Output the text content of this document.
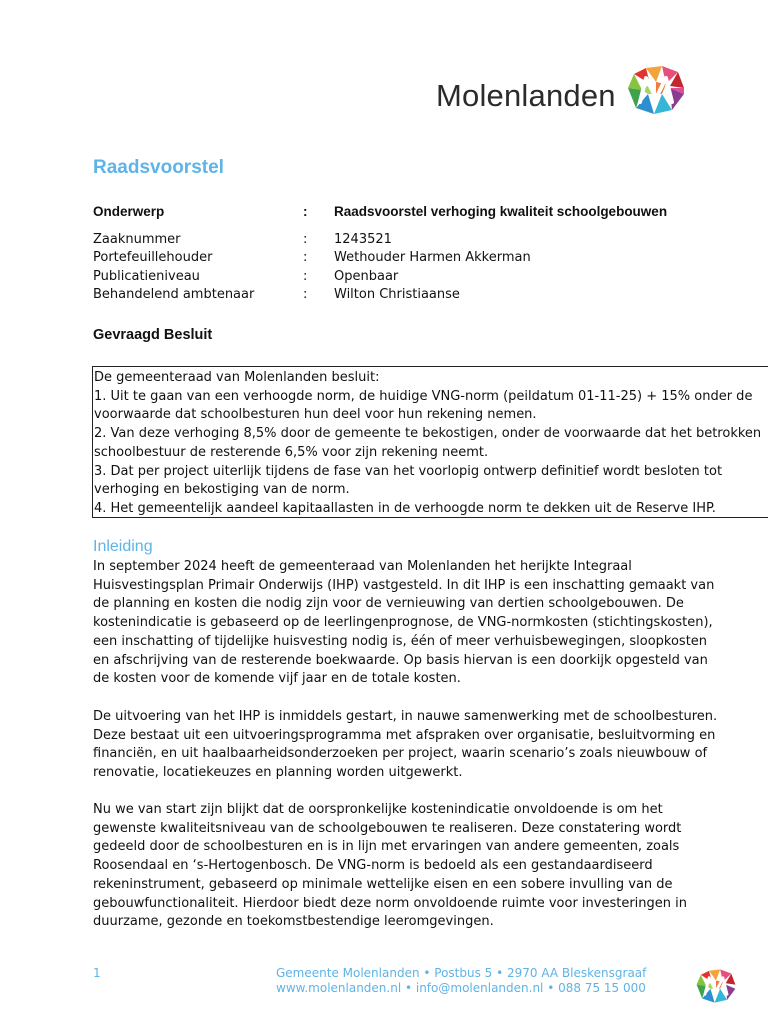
Molenlanden
Raadsvoorstel
Onderwerp	: Raadsvoorstel verhoging kwaliteit schoolgebouwen
Zaaknummer	: 1243521
Portefeuillehouder	: Wethouder Harmen Akkerman
Publicatieniveau	: Openbaar
Behandelend ambtenaar	: Wilton Christiaanse
Gevraagd Besluit
De gemeenteraad van Molenlanden besluit:
1. Uit te gaan van een verhoogde norm, de huidige VNG-norm (peildatum 01-11-25) + 15% onder de
voorwaarde dat schoolbesturen hun deel voor hun rekening nemen.
2. Van deze verhoging 8,5% door de gemeente te bekostigen, onder de voorwaarde dat het betrokken
schoolbestuur de resterende 6,5% voor zijn rekening neemt.
3. Dat per project uiterlijk tijdens de fase van het voorlopig ontwerp definitief wordt besloten tot
verhoging en bekostiging van de norm.
4. Het gemeentelijk aandeel kapitaallasten in de verhoogde norm te dekken uit de Reserve IHP.
Inleiding
In september 2024 heeft de gemeenteraad van Molenlanden het herijkte Integraal
Huisvestingsplan Primair Onderwijs (IHP) vastgesteld. In dit IHP is een inschatting gemaakt van
de planning en kosten die nodig zijn voor de vernieuwing van dertien schoolgebouwen. De
kostenindicatie is gebaseerd op de leerlingenprognose, de VNG-normkosten (stichtingskosten),
een inschatting of tijdelijke huisvesting nodig is, één of meer verhuisbewegingen, sloopkosten
en afschrijving van de resterende boekwaarde. Op basis hiervan is een doorkijk opgesteld van
de kosten voor de komende vijf jaar en de totale kosten.
De uitvoering van het IHP is inmiddels gestart, in nauwe samenwerking met de schoolbesturen.
Deze bestaat uit een uitvoeringsprogramma met afspraken over organisatie, besluitvorming en
financiën, en uit haalbaarheidsonderzoeken per project, waarin scenario’s zoals nieuwbouw of
renovatie, locatiekeuzes en planning worden uitgewerkt.
Nu we van start zijn blijkt dat de oorspronkelijke kostenindicatie onvoldoende is om het
gewenste kwaliteitsniveau van de schoolgebouwen te realiseren. Deze constatering wordt
gedeeld door de schoolbesturen en is in lijn met ervaringen van andere gemeenten, zoals
Roosendaal en ‘s-Hertogenbosch. De VNG-norm is bedoeld als een gestandaardiseerd
rekeninstrument, gebaseerd op minimale wettelijke eisen en een sobere invulling van de
gebouwfunctionaliteit. Hierdoor biedt deze norm onvoldoende ruimte voor investeringen in
duurzame, gezonde en toekomstbestendige leeromgevingen.
1	Gemeente Molenlanden • Postbus 5 • 2970 AA Bleskensgraaf
www.molenlanden.nl • info@molenlanden.nl • 088 75 15 000
